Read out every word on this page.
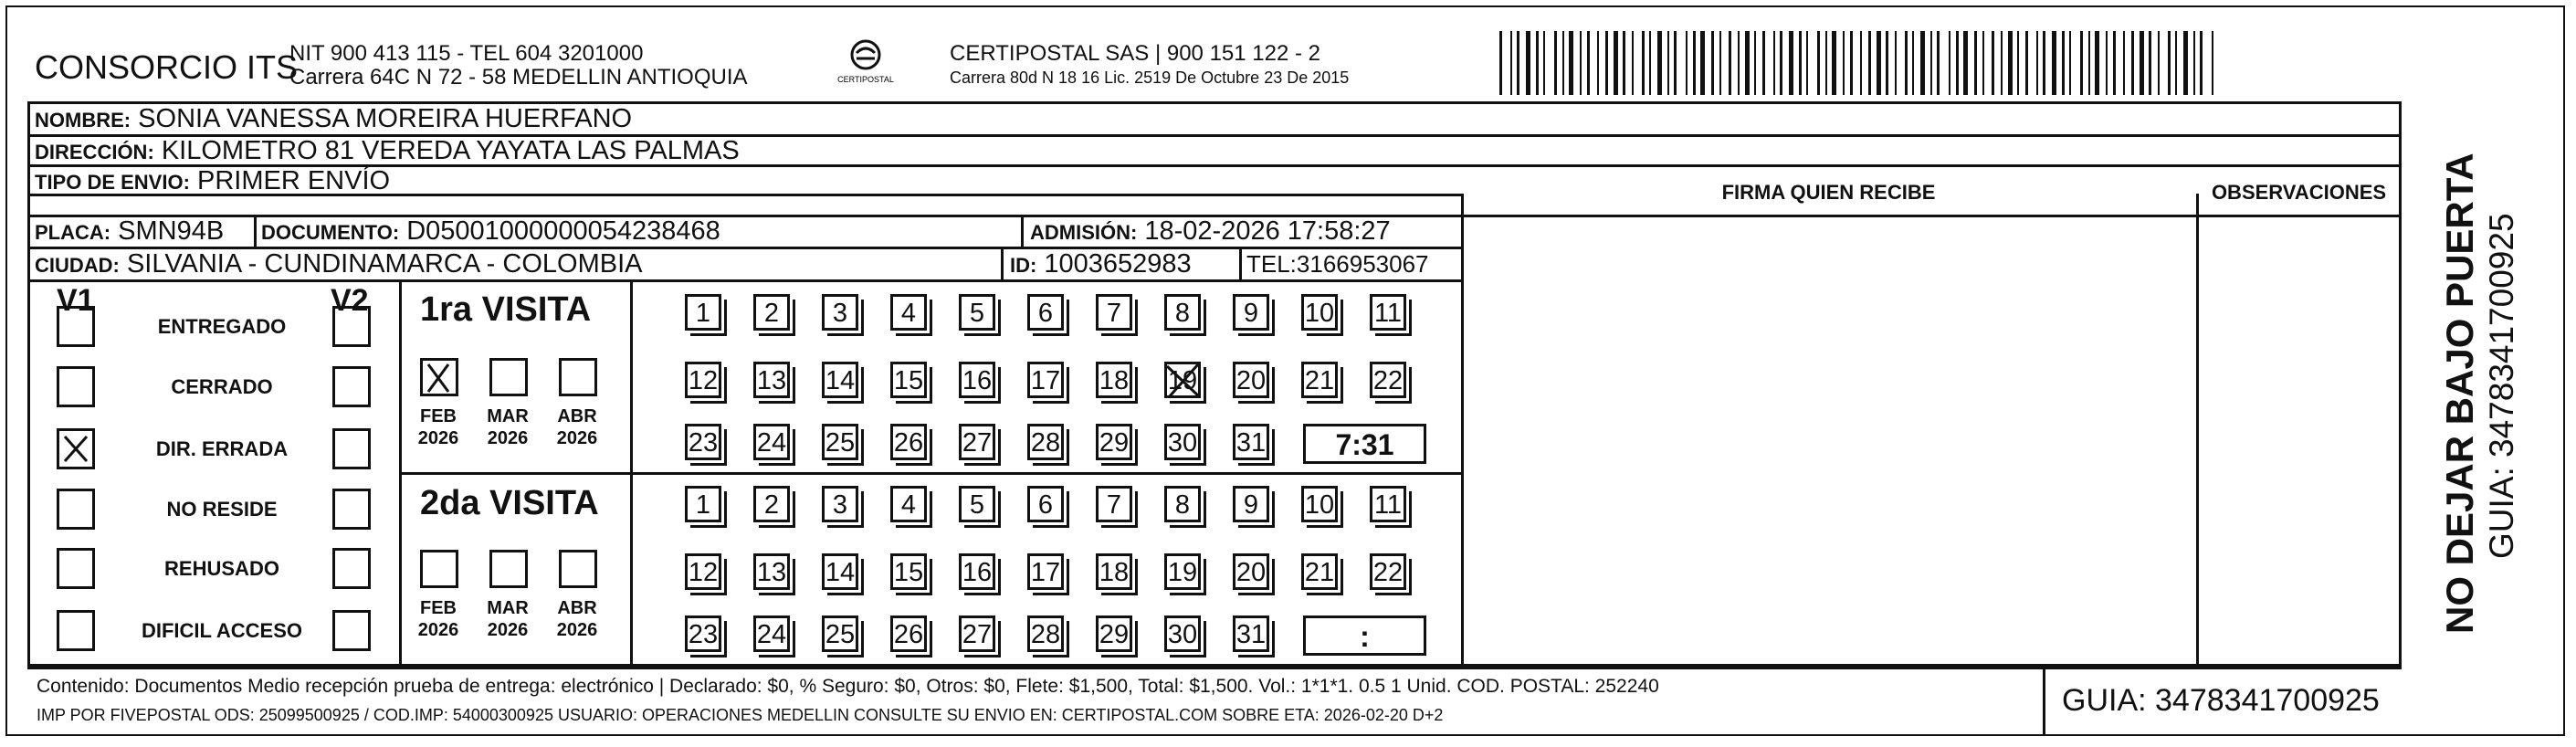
CONSORCIO ITS
NIT 900 413 115 - TEL 604 3201000
Carrera 64C N 72 - 58 MEDELLIN ANTIOQUIA	CERTIPOSTAL
CERTIPOSTAL SAS | 900 151 122 - 2
Carrera 80d N 18 16 Lic. 2519 De Octubre 23 De 2015
NOMBRE: SONIA VANESSA MOREIRA HUERFANO
DIRECCIÓN: KILOMETRO 81 VEREDA YAYATA LAS PALMAS
TIPO DE ENVIO: PRIMER ENVÍO	FIRMA QUIEN RECIBE	OBSERVACIONES
PLACA: SMN94B DOCUMENTO: D05001000000054238468	ADMISIÓN: 18-02-2026 17:58:27
CIUDAD: SILVANIA - CUNDINAMARCA - COLOMBIA	ID: 1003652983 TEL:3166953067
V1	V2
ENTREGADO
CERRADO
DIR. ERRADA
NO RESIDE
REHUSADO
DIFICIL ACCESO
1ra VISITA
2da VISITA
FEB
2026
MAR
2026
ABR
2026
1	2	3	4	5	6	7	8	9	10 11
12 13 14 15 16 17 18 19 20 21 22
23 24 25 26 27 28 29 30 31	7:31
FEB
2026
MAR
2026
ABR
2026
1	2	3	4	5	6	7	8	9	10 11
12 13 14 15 16 17 18 19 20 21 22
23 24 25 26 27 28 29 30 31	:
Contenido: Documentos Medio recepción prueba de entrega: electrónico | Declarado: $0, % Seguro: $0, Otros: $0, Flete: $1,500, Total: $1,500. Vol.: 1*1*1. 0.5 1 Unid. COD. POSTAL: 252240
IMP POR FIVEPOSTAL ODS: 25099500925 / COD.IMP: 54000300925 USUARIO: OPERACIONES MEDELLIN CONSULTE SU ENVIO EN: CERTIPOSTAL.COM SOBRE ETA: 2026-02-20 D+2	GUIA: 3478341700925
NO DEJAR BAJO PUERTA GUIA: 3478341700925
